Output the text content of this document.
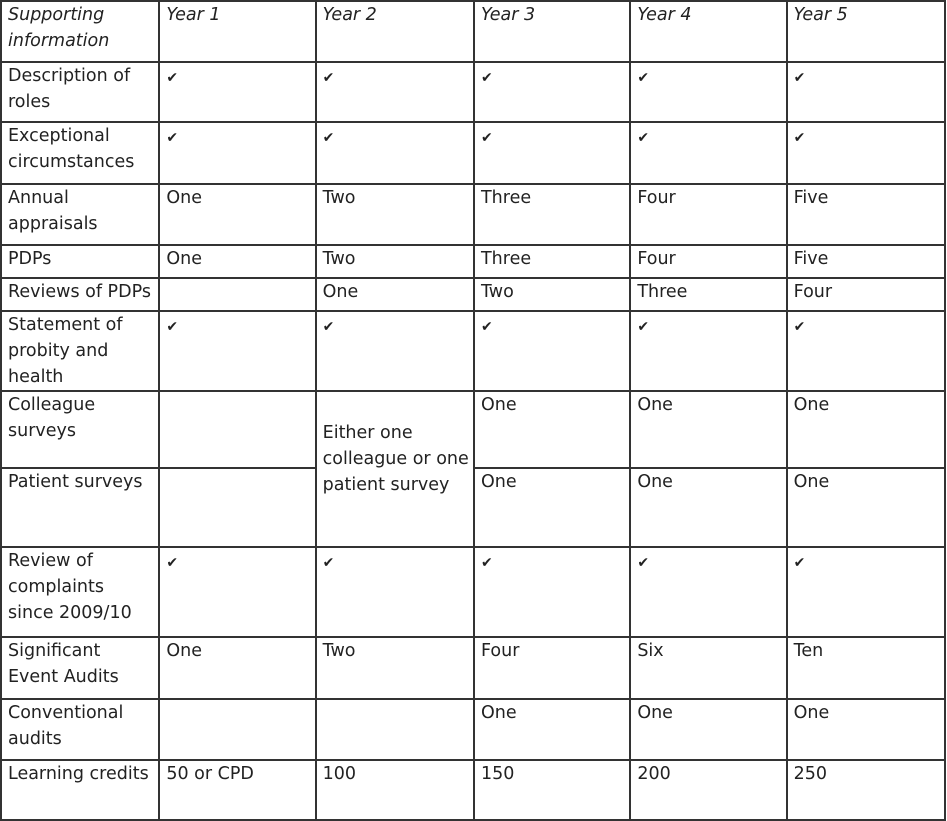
Supporting information	Year 1	Year 2	Year 3	Year 4	Year 5
Description of roles	✔	✔	✔	✔	✔
Exceptional circumstances	✔	✔	✔	✔	✔
Annual appraisals	One	Two	Three	Four	Five
PDPs	One	Two	Three	Four	Five
Reviews of PDPs		One	Two	Three	Four
Statement of probity and health	✔	✔	✔	✔	✔
Colleague surveys		Either one colleague or one patient survey	One	One	One
Patient surveys			One	One	One
Review of complaints since 2009/10	✔	✔	✔	✔	✔
Significant Event Audits	One	Two	Four	Six	Ten
Conventional audits			One	One	One
Learning credits	50 or CPD	100	150	200	250
